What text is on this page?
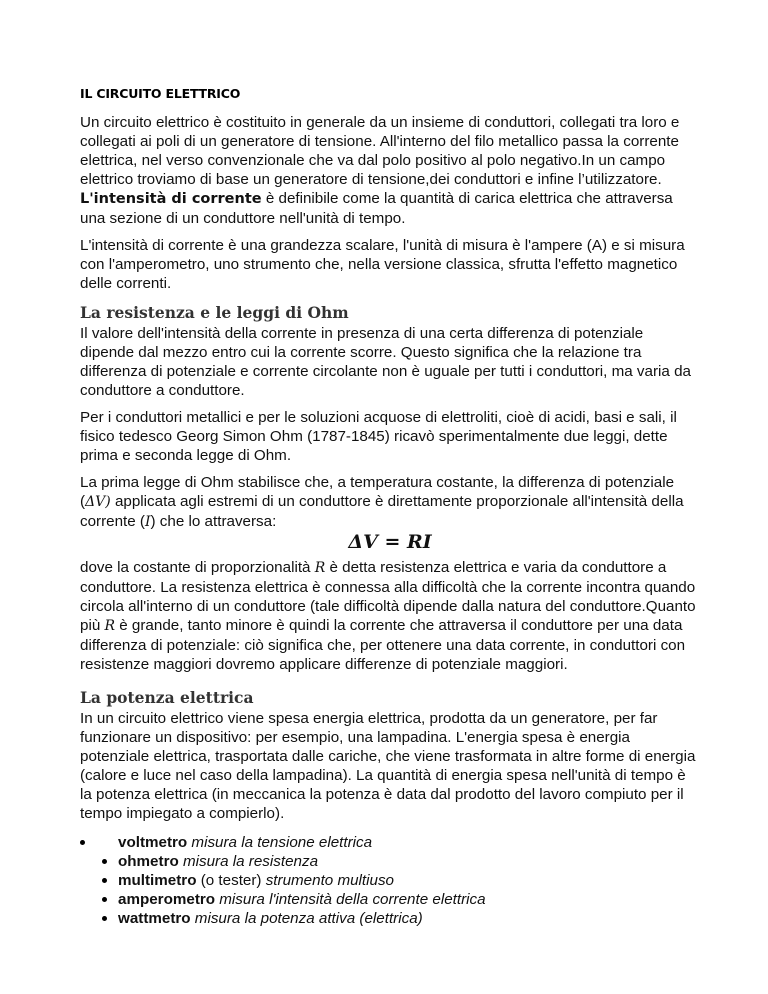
IL CIRCUITO ELETTRICO

Un circuito elettrico è costituito in generale da un insieme di conduttori, collegati tra loro e collegati ai poli di un generatore di tensione. All'interno del filo metallico passa la corrente elettrica, nel verso convenzionale che va dal polo positivo al polo negativo.In un campo elettrico troviamo di base un generatore di tensione,dei conduttori e infine l’utilizzatore. L'intensità di corrente è definibile come la quantità di carica elettrica che attraversa una sezione di un conduttore nell'unità di tempo.

L'intensità di corrente è una grandezza scalare, l'unità di misura è l'ampere (A) e si misura con l'amperometro, uno strumento che, nella versione classica, sfrutta l'effetto magnetico delle correnti.

La resistenza e le leggi di Ohm

Il valore dell'intensità della corrente in presenza di una certa differenza di potenziale dipende dal mezzo entro cui la corrente scorre. Questo significa che la relazione tra differenza di potenziale e corrente circolante non è uguale per tutti i conduttori, ma varia da conduttore a conduttore.

Per i conduttori metallici e per le soluzioni acquose di elettroliti, cioè di acidi, basi e sali, il fisico tedesco Georg Simon Ohm (1787-1845) ricavò sperimentalmente due leggi, dette prima e seconda legge di Ohm.

La prima legge di Ohm stabilisce che, a temperatura costante, la differenza di potenziale (ΔV) applicata agli estremi di un conduttore è direttamente proporzionale all'intensità della corrente (I) che lo attraversa:

ΔV = RI

dove la costante di proporzionalità R è detta resistenza elettrica e varia da conduttore a conduttore. La resistenza elettrica è connessa alla difficoltà che la corrente incontra quando circola all'interno di un conduttore (tale difficoltà dipende dalla natura del conduttore.Quanto più R è grande, tanto minore è quindi la corrente che attraversa il conduttore per una data differenza di potenziale: ciò significa che, per ottenere una data corrente, in conduttori con resistenze maggiori dovremo applicare differenze di potenziale maggiori.

La potenza elettrica

In un circuito elettrico viene spesa energia elettrica, prodotta da un generatore, per far funzionare un dispositivo: per esempio, una lampadina. L'energia spesa è energia potenziale elettrica, trasportata dalle cariche, che viene trasformata in altre forme di energia (calore e luce nel caso della lampadina). La quantità di energia spesa nell'unità di tempo è la potenza elettrica (in meccanica la potenza è data dal prodotto del lavoro compiuto per il tempo impiegato a compierlo).

voltmetro misura la tensione elettrica
ohmetro misura la resistenza
multimetro (o tester) strumento multiuso
amperometro misura l'intensità della corrente elettrica
wattmetro misura la potenza attiva (elettrica)
